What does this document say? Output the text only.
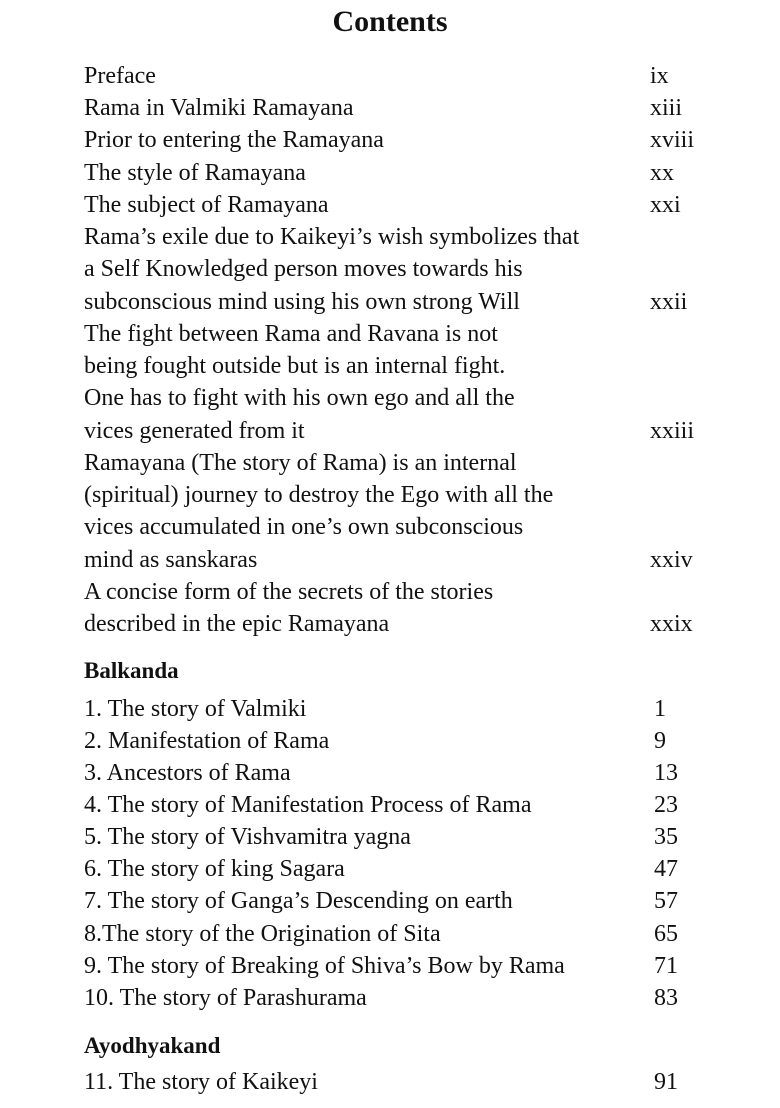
Contents
Preface	ix
Rama in Valmiki Ramayana	xiii
Prior to entering the Ramayana	xviii
The style of Ramayana	xx
The subject of Ramayana	xxi
Rama’s exile due to Kaikeyi’s wish symbolizes that
a Self Knowledged person moves towards his
subconscious mind using his own strong Will	xxii
The fight between Rama and Ravana is not
being fought outside but is an internal fight.
One has to fight with his own ego and all the
vices generated from it	xxiii
Ramayana (The story of Rama) is an internal
(spiritual) journey to destroy the Ego with all the
vices accumulated in one’s own subconscious
mind as sanskaras	xxiv
A concise form of the secrets of the stories
described in the epic Ramayana	xxix
Balkanda
1. The story of Valmiki	1
2. Manifestation of Rama	9
3. Ancestors of Rama	13
4. The story of Manifestation Process of Rama	23
5. The story of Vishvamitra yagna	35
6. The story of king Sagara	47
7. The story of Ganga’s Descending on earth	57
8.The story of the Origination of Sita	65
9. The story of Breaking of Shiva’s Bow by Rama	71
10. The story of Parashurama	83
Ayodhyakand
11. The story of Kaikeyi	91
